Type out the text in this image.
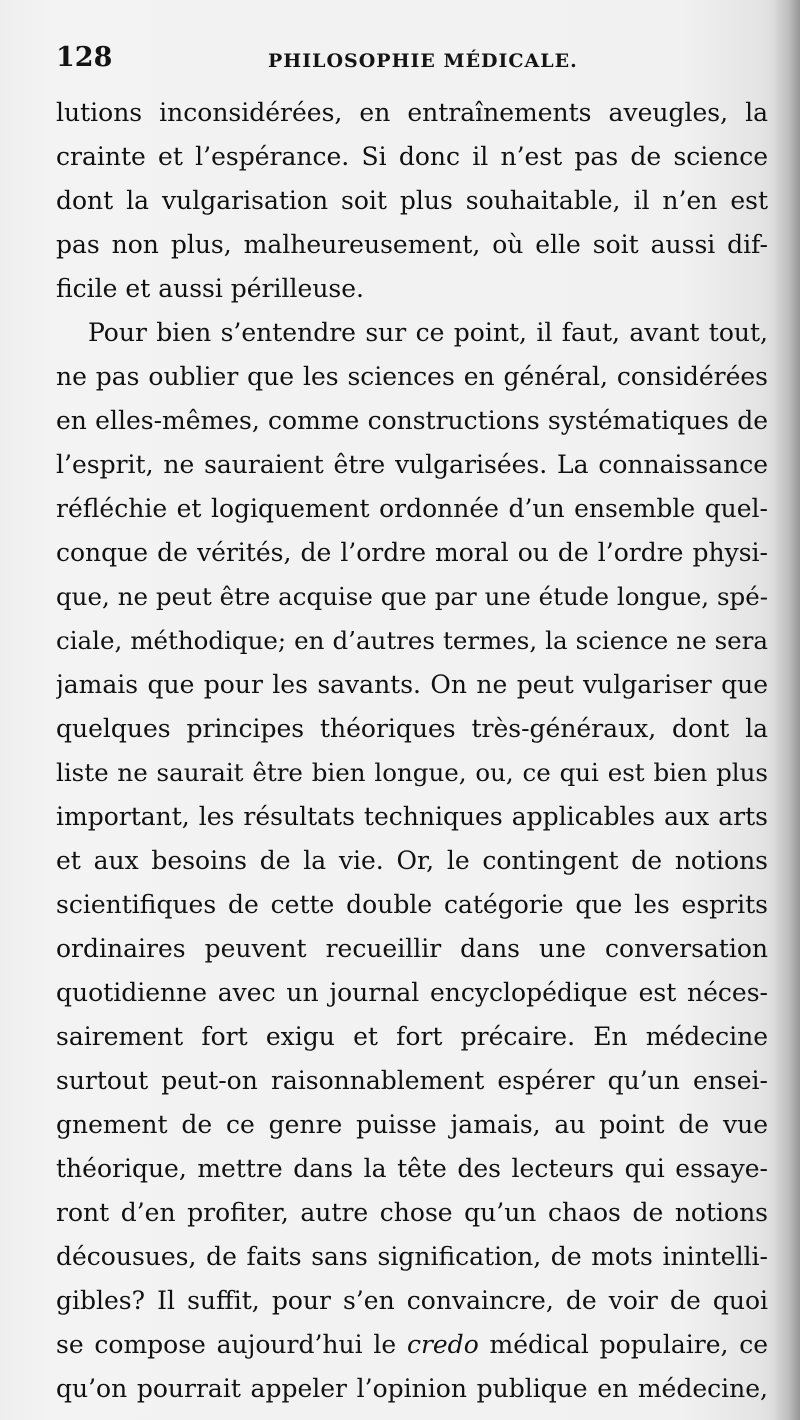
128	PHILOSOPHIE MÉDICALE.
lutions inconsidérées, en entraînements aveugles, la
crainte et l’espérance. Si donc il n’est pas de science
dont la vulgarisation soit plus souhaitable, il n’en est
pas non plus, malheureusement, où elle soit aussi dif-
ficile et aussi périlleuse.
Pour bien s’entendre sur ce point, il faut, avant tout,
ne pas oublier que les sciences en général, considérées
en elles-mêmes, comme constructions systématiques de
l’esprit, ne sauraient être vulgarisées. La connaissance
réfléchie et logiquement ordonnée d’un ensemble quel-
conque de vérités, de l’ordre moral ou de l’ordre physi-
que, ne peut être acquise que par une étude longue, spé-
ciale, méthodique; en d’autres termes, la science ne sera
jamais que pour les savants. On ne peut vulgariser que
quelques principes théoriques très-généraux, dont la
liste ne saurait être bien longue, ou, ce qui est bien plus
important, les résultats techniques applicables aux arts
et aux besoins de la vie. Or, le contingent de notions
scientifiques de cette double catégorie que les esprits
ordinaires peuvent recueillir dans une conversation
quotidienne avec un journal encyclopédique est néces-
sairement fort exigu et fort précaire. En médecine
surtout peut-on raisonnablement espérer qu’un ensei-
gnement de ce genre puisse jamais, au point de vue
théorique, mettre dans la tête des lecteurs qui essaye-
ront d’en profiter, autre chose qu’un chaos de notions
décousues, de faits sans signification, de mots inintelli-
gibles? Il suffit, pour s’en convaincre, de voir de quoi
se compose aujourd’hui le credo médical populaire, ce
qu’on pourrait appeler l’opinion publique en médecine,
